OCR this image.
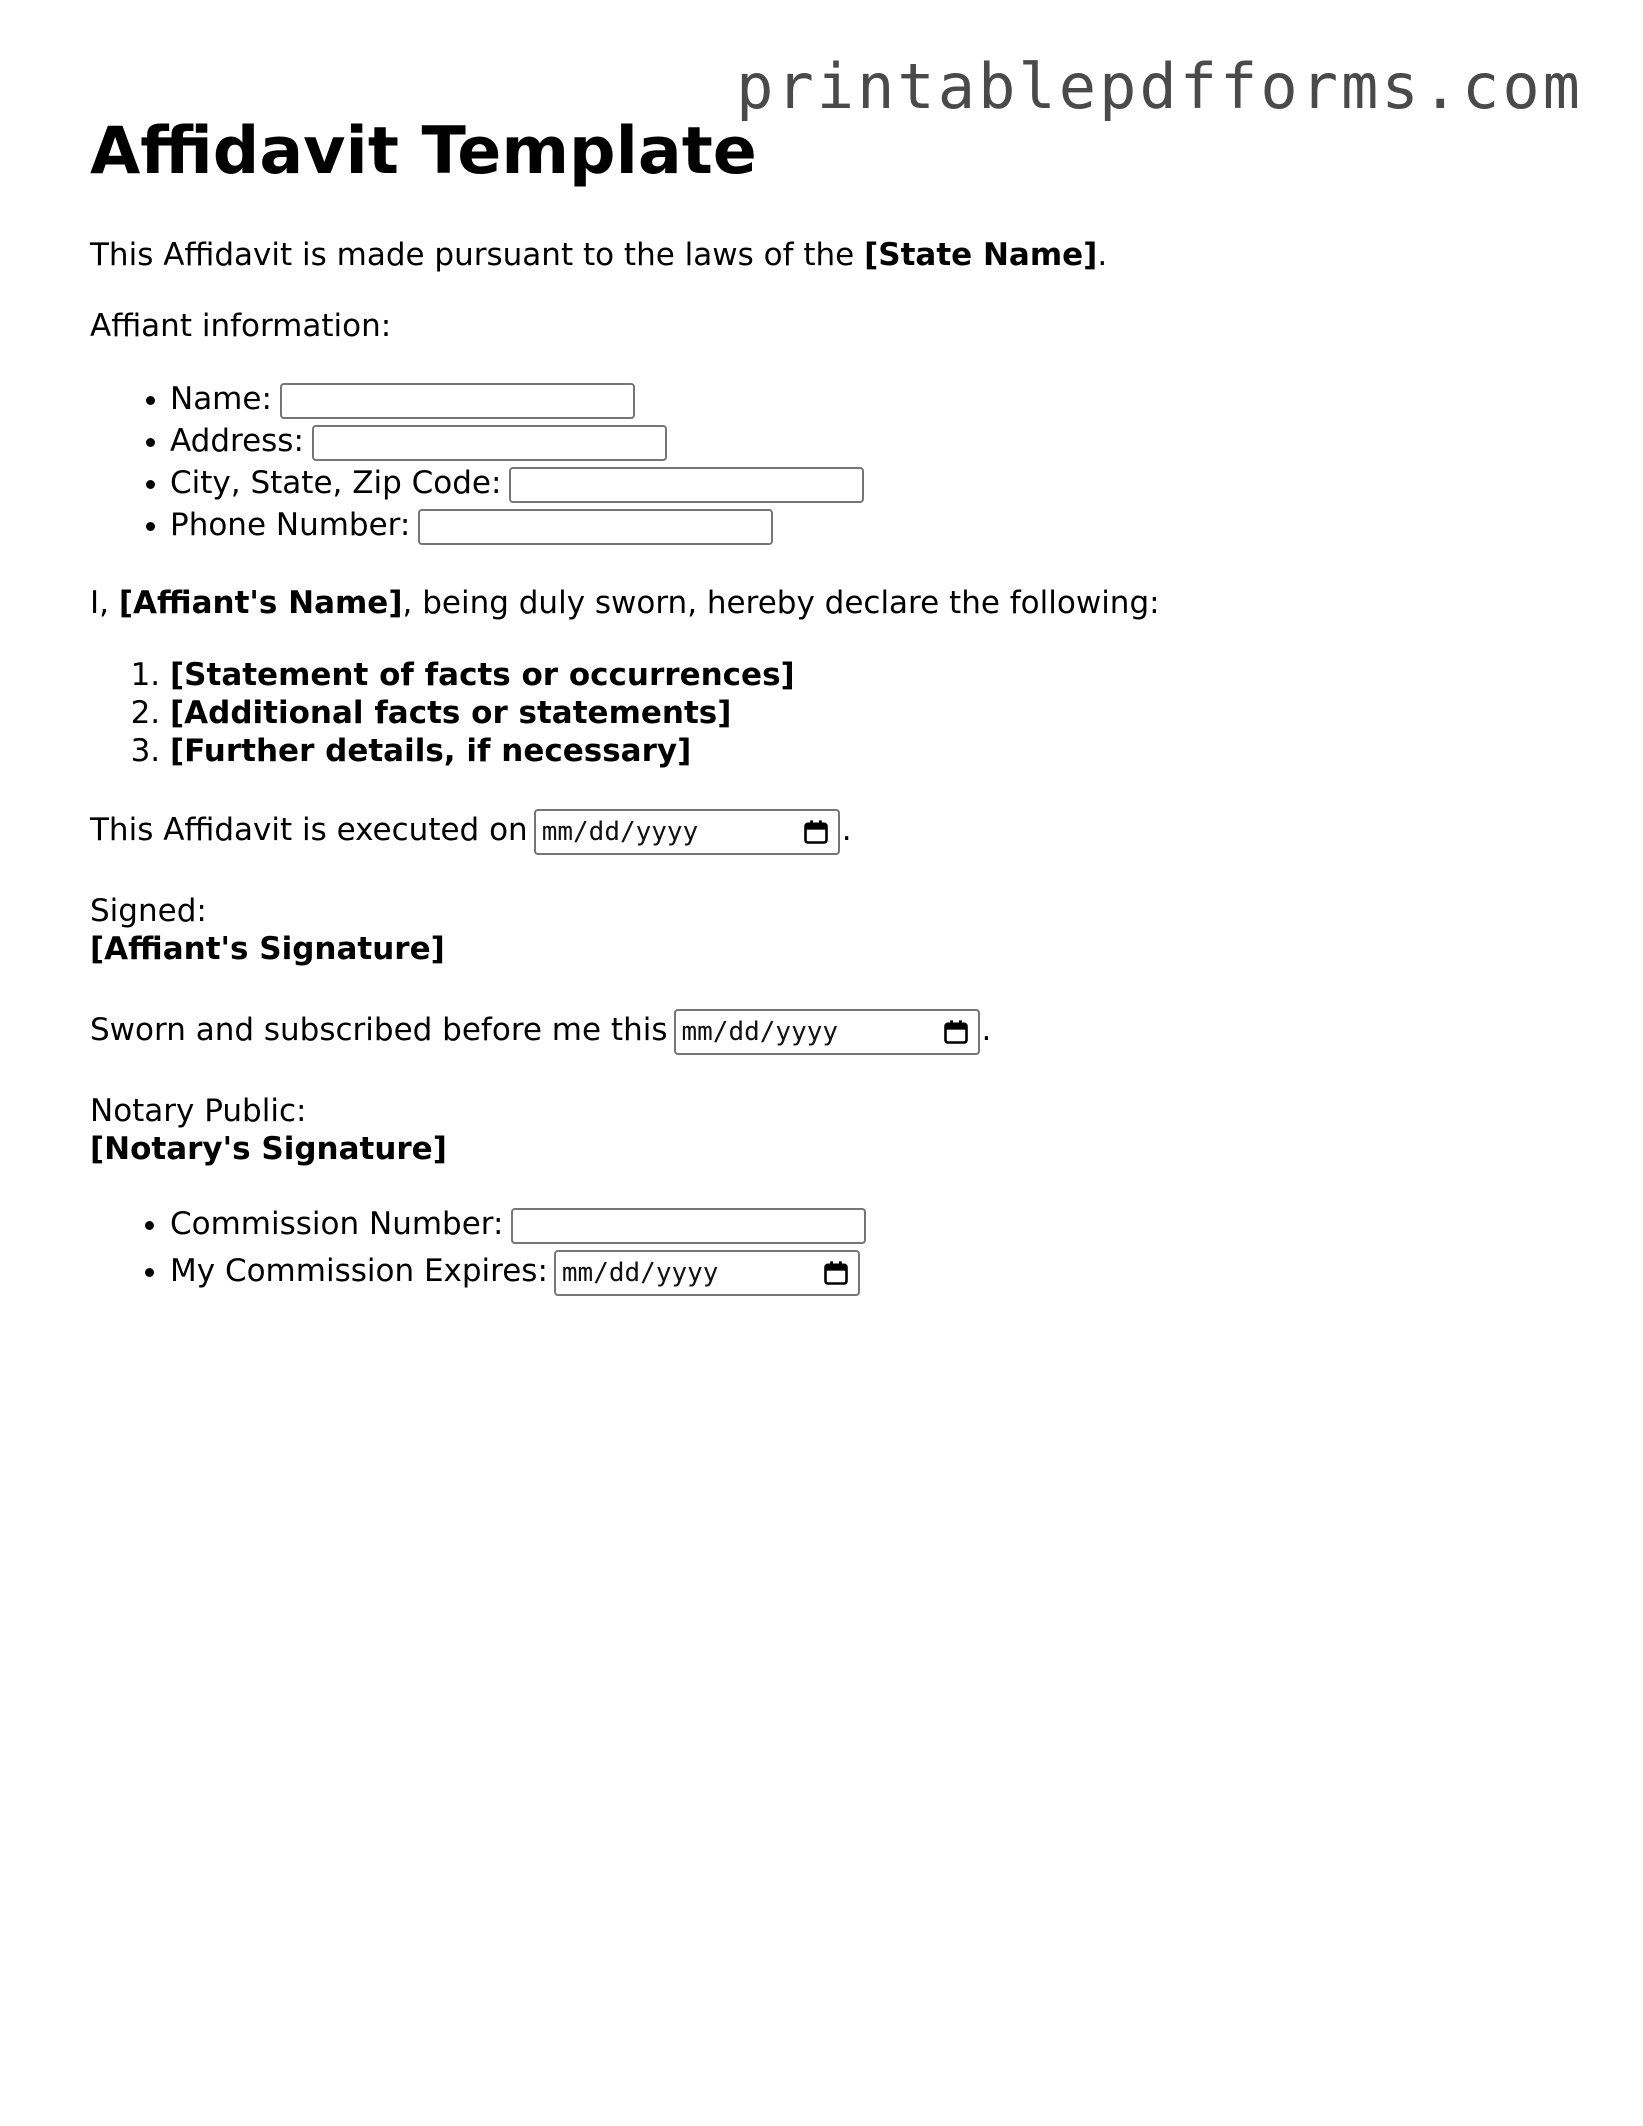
printablepdfforms.com
Affidavit Template

This Affidavit is made pursuant to the laws of the [State Name].

Affiant information:

• Name:
• Address:
• City, State, Zip Code:
• Phone Number:

I, [Affiant's Name], being duly sworn, hereby declare the following:

1. [Statement of facts or occurrences]
2. [Additional facts or statements]
3. [Further details, if necessary]

This Affidavit is executed on mm/dd/yyyy	.

Signed:
[Affiant's Signature]

Sworn and subscribed before me this mm/dd/yyyy	.

Notary Public:
[Notary's Signature]

• Commission Number:
• My Commission Expires: mm/dd/yyyy
